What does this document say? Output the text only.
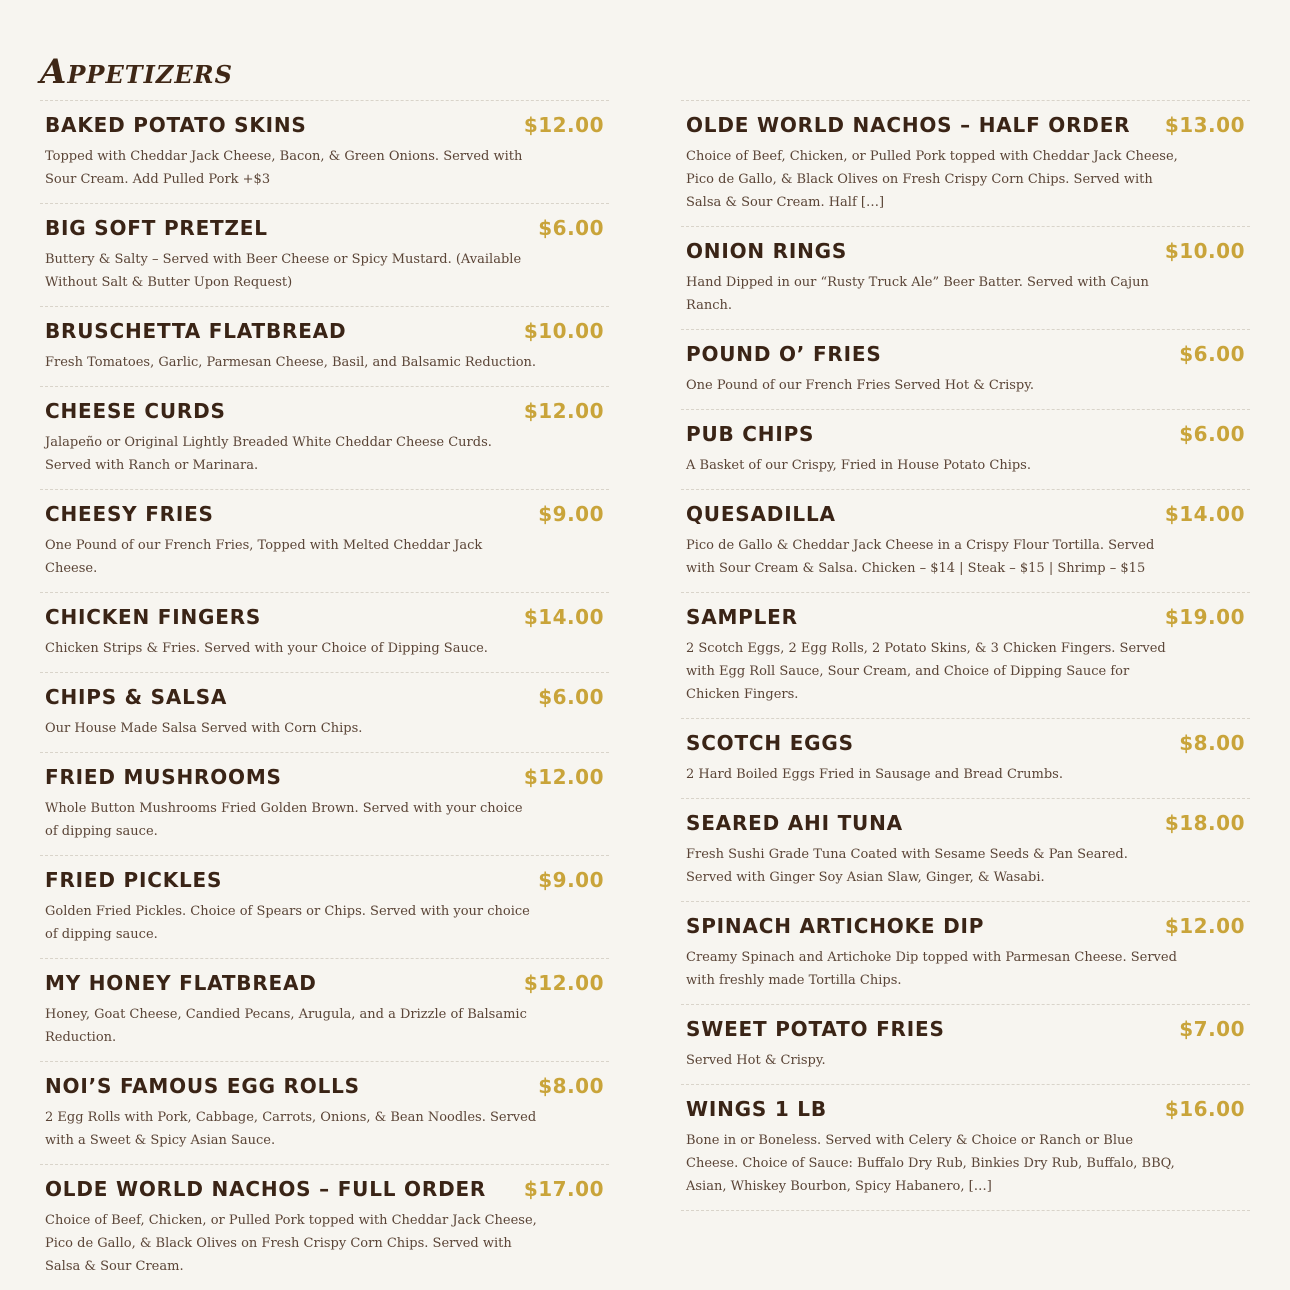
Appetizers
BAKED POTATO SKINS	$12.00
Topped with Cheddar Jack Cheese, Bacon, & Green Onions. Served with Sour Cream. Add Pulled Pork +$3
BIG SOFT PRETZEL	$6.00
Buttery & Salty – Served with Beer Cheese or Spicy Mustard. (Available Without Salt & Butter Upon Request)
BRUSCHETTA FLATBREAD	$10.00
Fresh Tomatoes, Garlic, Parmesan Cheese, Basil, and Balsamic Reduction.
CHEESE CURDS	$12.00
Jalapeño or Original Lightly Breaded White Cheddar Cheese Curds. Served with Ranch or Marinara.
CHEESY FRIES	$9.00
One Pound of our French Fries, Topped with Melted Cheddar Jack Cheese.
CHICKEN FINGERS	$14.00
Chicken Strips & Fries. Served with your Choice of Dipping Sauce.
CHIPS & SALSA	$6.00
Our House Made Salsa Served with Corn Chips.
FRIED MUSHROOMS	$12.00
Whole Button Mushrooms Fried Golden Brown. Served with your choice of dipping sauce.
FRIED PICKLES	$9.00
Golden Fried Pickles. Choice of Spears or Chips. Served with your choice of dipping sauce.
MY HONEY FLATBREAD	$12.00
Honey, Goat Cheese, Candied Pecans, Arugula, and a Drizzle of Balsamic Reduction.
NOI’S FAMOUS EGG ROLLS	$8.00
2 Egg Rolls with Pork, Cabbage, Carrots, Onions, & Bean Noodles. Served with a Sweet & Spicy Asian Sauce.
OLDE WORLD NACHOS – FULL ORDER $17.00
Choice of Beef, Chicken, or Pulled Pork topped with Cheddar Jack Cheese, Pico de Gallo, & Black Olives on Fresh Crispy Corn Chips. Served with Salsa & Sour Cream.
OLDE WORLD NACHOS – HALF ORDER $13.00
Choice of Beef, Chicken, or Pulled Pork topped with Cheddar Jack Cheese, Pico de Gallo, & Black Olives on Fresh Crispy Corn Chips. Served with Salsa & Sour Cream. Half […]
ONION RINGS	$10.00
Hand Dipped in our “Rusty Truck Ale” Beer Batter. Served with Cajun Ranch.
POUND O’ FRIES	$6.00
One Pound of our French Fries Served Hot & Crispy.
PUB CHIPS	$6.00
A Basket of our Crispy, Fried in House Potato Chips.
QUESADILLA	$14.00
Pico de Gallo & Cheddar Jack Cheese in a Crispy Flour Tortilla. Served with Sour Cream & Salsa. Chicken – $14 | Steak – $15 | Shrimp – $15
SAMPLER	$19.00
2 Scotch Eggs, 2 Egg Rolls, 2 Potato Skins, & 3 Chicken Fingers. Served with Egg Roll Sauce, Sour Cream, and Choice of Dipping Sauce for Chicken Fingers.
SCOTCH EGGS	$8.00
2 Hard Boiled Eggs Fried in Sausage and Bread Crumbs.
SEARED AHI TUNA	$18.00
Fresh Sushi Grade Tuna Coated with Sesame Seeds & Pan Seared. Served with Ginger Soy Asian Slaw, Ginger, & Wasabi.
SPINACH ARTICHOKE DIP	$12.00
Creamy Spinach and Artichoke Dip topped with Parmesan Cheese. Served with freshly made Tortilla Chips.
SWEET POTATO FRIES	$7.00
Served Hot & Crispy.
WINGS 1 LB	$16.00
Bone in or Boneless. Served with Celery & Choice or Ranch or Blue Cheese. Choice of Sauce: Buffalo Dry Rub, Binkies Dry Rub, Buffalo, BBQ, Asian, Whiskey Bourbon, Spicy Habanero, […]
